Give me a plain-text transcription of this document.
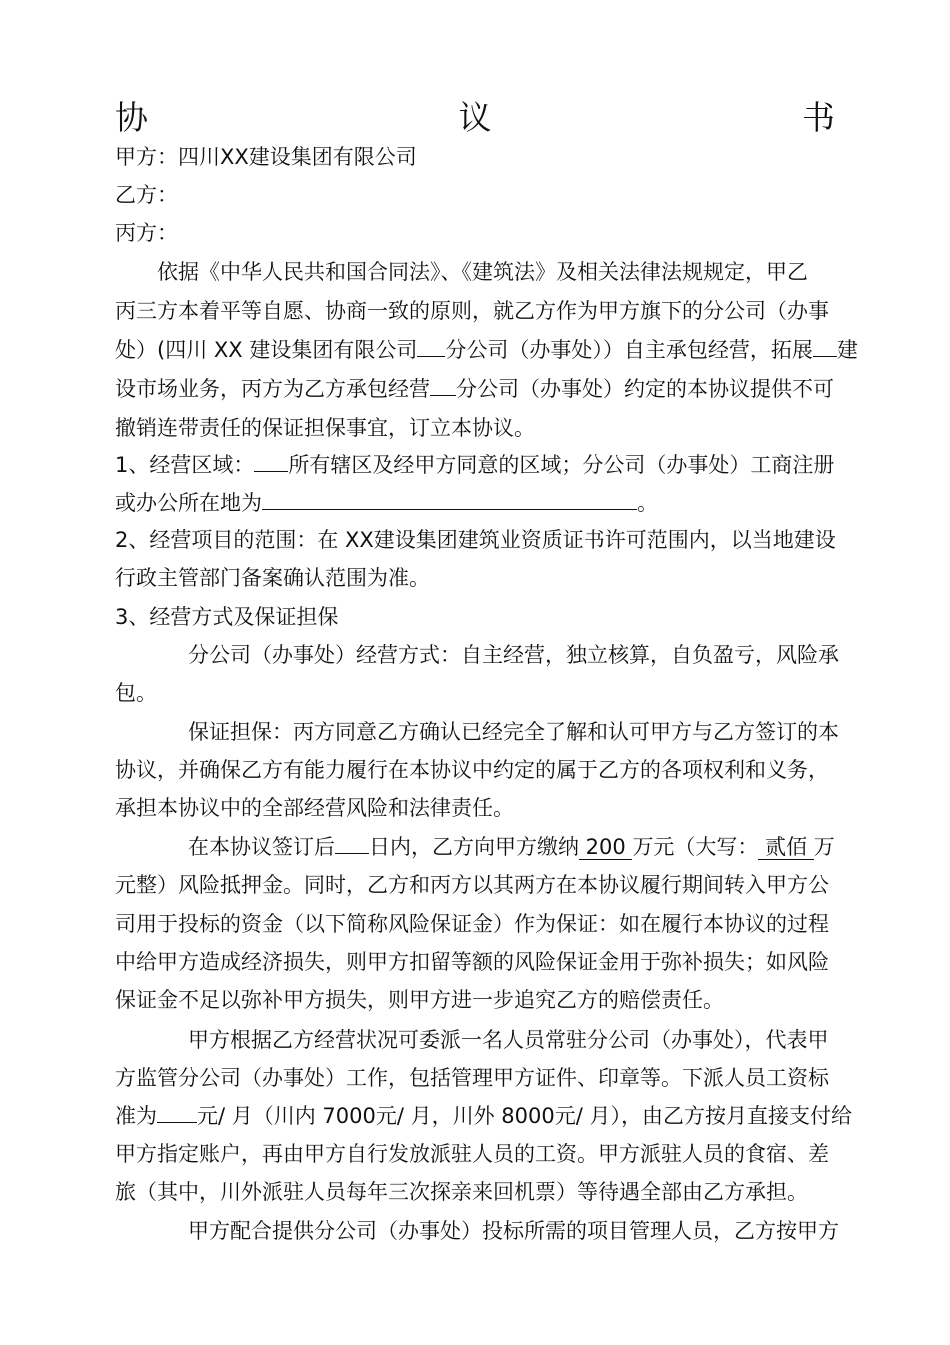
协	议	书
甲方：四川XX建设集团有限公司
乙方：
丙方：
依据《中华人民共和国合同法》、《建筑法》及相关法律法规规定，甲乙
丙三方本着平等自愿、协商一致的原则，就乙方作为甲方旗下的分公司（办事
处）(四川 XX 建设集团有限公司 分公司（办事处））自主承包经营，拓展 建
设市场业务，丙方为乙方承包经营 分公司（办事处）约定的本协议提供不可
撤销连带责任的保证担保事宜，订立本协议。
1、经营区域： 所有辖区及经甲方同意的区域；分公司（办事处）工商注册
或办公所在地为	。
2、经营项目的范围：在 XX建设集团建筑业资质证书许可范围内，以当地建设
行政主管部门备案确认范围为准。
3、经营方式及保证担保
分公司（办事处）经营方式：自主经营，独立核算，自负盈亏，风险承
包。
保证担保：丙方同意乙方确认已经完全了解和认可甲方与乙方签订的本
协议，并确保乙方有能力履行在本协议中约定的属于乙方的各项权利和义务，
承担本协议中的全部经营风险和法律责任。
在本协议签订后 日内，乙方向甲方缴纳 200 万元（大写： 贰佰 万
元整）风险抵押金。同时，乙方和丙方以其两方在本协议履行期间转入甲方公
司用于投标的资金（以下简称风险保证金）作为保证：如在履行本协议的过程
中给甲方造成经济损失，则甲方扣留等额的风险保证金用于弥补损失；如风险
保证金不足以弥补甲方损失，则甲方进一步追究乙方的赔偿责任。
甲方根据乙方经营状况可委派一名人员常驻分公司（办事处），代表甲
方监管分公司（办事处）工作，包括管理甲方证件、印章等。下派人员工资标
准为 元/ 月（川内 7000元/ 月，川外 8000元/ 月），由乙方按月直接支付给
甲方指定账户，再由甲方自行发放派驻人员的工资。甲方派驻人员的食宿、差
旅（其中，川外派驻人员每年三次探亲来回机票）等待遇全部由乙方承担。
甲方配合提供分公司（办事处）投标所需的项目管理人员，乙方按甲方
